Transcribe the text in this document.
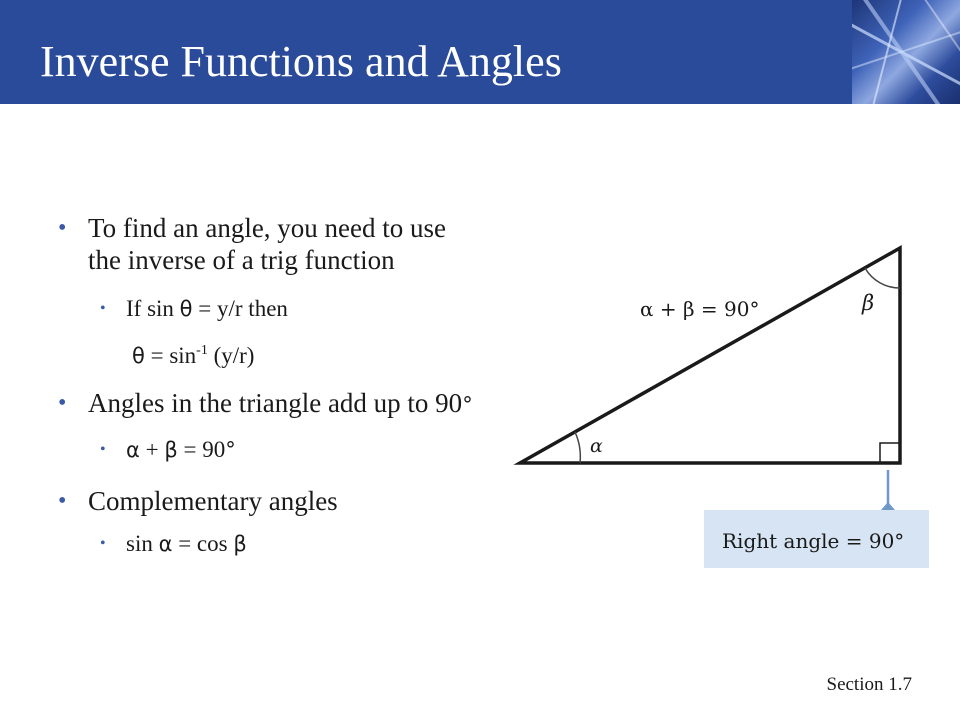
Inverse Functions and Angles
• To find an angle, you need to use the inverse of a trig function
• If sin θ = y/r then
$\theta = \sin^{-1} (y/r)$
• Angles in the triangle add up to 90°
• α + β = 90°
• Complementary angles
• sin α = cos β
α + β = 90°	β
α
Right angle = 90°
Section 1.7
